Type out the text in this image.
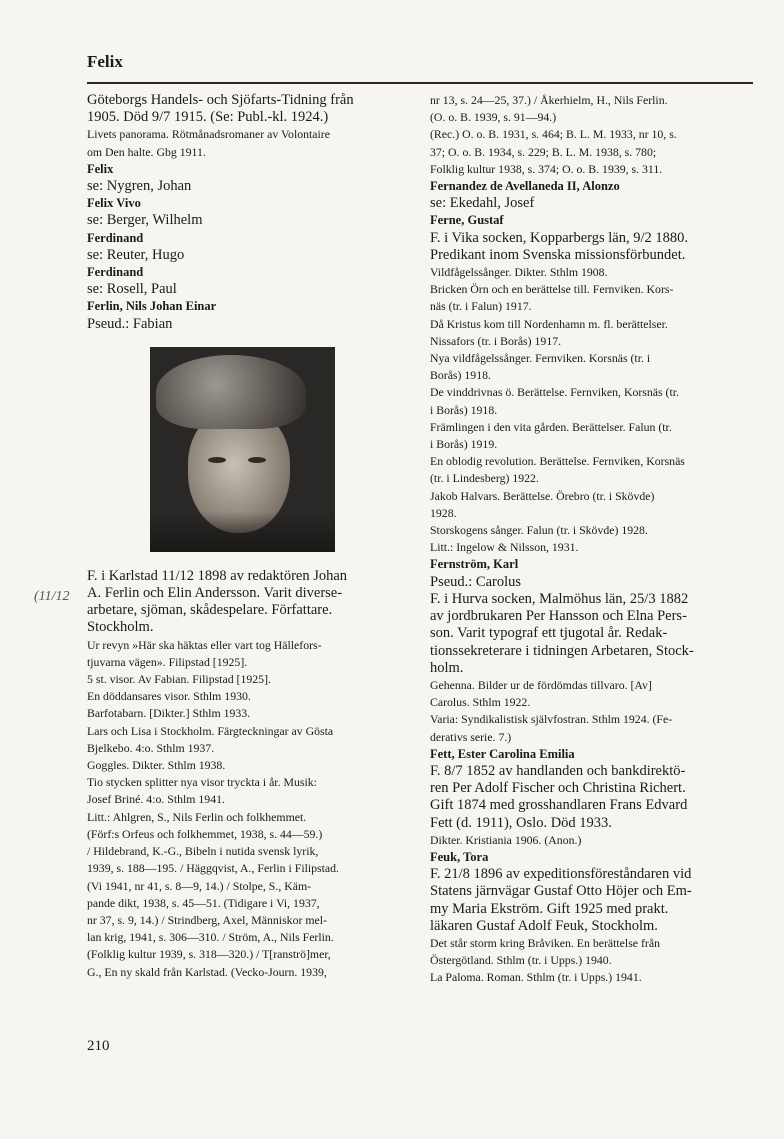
Felix
Göteborgs Handels- och Sjöfarts-Tidning från
1905. Död 9/7 1915. (Se: Publ.-kl. 1924.)
Livets panorama. Rötmånadsromaner av Volontaire
om Den halte. Gbg 1911.
Felix
se: Nygren, Johan
Felix Vivo
se: Berger, Wilhelm
Ferdinand
se: Reuter, Hugo
Ferdinand
se: Rosell, Paul
Ferlin, Nils Johan Einar
Pseud.: Fabian
F. i Karlstad 11/12 1898 av redaktören Johan
A. Ferlin och Elin Andersson. Varit diverse-
arbetare, sjöman, skådespelare. Författare.
Stockholm.
Ur revyn »Här ska häktas eller vart tog Hällefors-
tjuvarna vägen». Filipstad [1925].
5 st. visor. Av Fabian. Filipstad [1925].
En döddansares visor. Sthlm 1930.
Barfotabarn. [Dikter.] Sthlm 1933.
Lars och Lisa i Stockholm. Färgteckningar av Gösta
Bjelkebo. 4:o. Sthlm 1937.
Goggles. Dikter. Sthlm 1938.
Tio stycken splitter nya visor tryckta i år. Musik:
Josef Briné. 4:o. Sthlm 1941.
Litt.: Ahlgren, S., Nils Ferlin och folkhemmet.
(Förf:s Orfeus och folkhemmet, 1938, s. 44—59.)
/ Hildebrand, K.-G., Bibeln i nutida svensk lyrik,
1939, s. 188—195. / Häggqvist, A., Ferlin i Filipstad.
(Vi 1941, nr 41, s. 8—9, 14.) / Stolpe, S., Käm-
pande dikt, 1938, s. 45—51. (Tidigare i Vi, 1937,
nr 37, s. 9, 14.) / Strindberg, Axel, Människor mel-
lan krig, 1941, s. 306—310. / Ström, A., Nils Ferlin.
(Folklig kultur 1939, s. 318—320.) / T[ranströ]mer,
G., En ny skald från Karlstad. (Vecko-Journ. 1939,
(11/12
nr 13, s. 24—25, 37.) / Åkerhielm, H., Nils Ferlin.
(O. o. B. 1939, s. 91—94.)
(Rec.) O. o. B. 1931, s. 464; B. L. M. 1933, nr 10, s.
37; O. o. B. 1934, s. 229; B. L. M. 1938, s. 780;
Folklig kultur 1938, s. 374; O. o. B. 1939, s. 311.
Fernandez de Avellaneda II, Alonzo
se: Ekedahl, Josef
Ferne, Gustaf
F. i Vika socken, Kopparbergs län, 9/2 1880.
Predikant inom Svenska missionsförbundet.
Vildfågelssånger. Dikter. Sthlm 1908.
Bricken Örn och en berättelse till. Fernviken. Kors-
näs (tr. i Falun) 1917.
Då Kristus kom till Nordenhamn m. fl. berättelser.
Nissafors (tr. i Borås) 1917.
Nya vildfågelssånger. Fernviken. Korsnäs (tr. i
Borås) 1918.
De vinddrivnas ö. Berättelse. Fernviken, Korsnäs (tr.
i Borås) 1918.
Främlingen i den vita gården. Berättelser. Falun (tr.
i Borås) 1919.
En oblodig revolution. Berättelse. Fernviken, Korsnäs
(tr. i Lindesberg) 1922.
Jakob Halvars. Berättelse. Örebro (tr. i Skövde)
1928.
Storskogens sånger. Falun (tr. i Skövde) 1928.
Litt.: Ingelow & Nilsson, 1931.
Fernström, Karl
Pseud.: Carolus
F. i Hurva socken, Malmöhus län, 25/3 1882
av jordbrukaren Per Hansson och Elna Pers-
son. Varit typograf ett tjugotal år. Redak-
tionssekreterare i tidningen Arbetaren, Stock-
holm.
Gehenna. Bilder ur de fördömdas tillvaro. [Av]
Carolus. Sthlm 1922.
Varia: Syndikalistisk självfostran. Sthlm 1924. (Fe-
derativs serie. 7.)
Fett, Ester Carolina Emilia
F. 8/7 1852 av handlanden och bankdirektö-
ren Per Adolf Fischer och Christina Richert.
Gift 1874 med grosshandlaren Frans Edvard
Fett (d. 1911), Oslo. Död 1933.
Dikter. Kristiania 1906. (Anon.)
Feuk, Tora
F. 21/8 1896 av expeditionsföreståndaren vid
Statens järnvägar Gustaf Otto Höjer och Em-
my Maria Ekström. Gift 1925 med prakt.
läkaren Gustaf Adolf Feuk, Stockholm.
Det står storm kring Bråviken. En berättelse från
Östergötland. Sthlm (tr. i Upps.) 1940.
La Paloma. Roman. Sthlm (tr. i Upps.) 1941.
210
